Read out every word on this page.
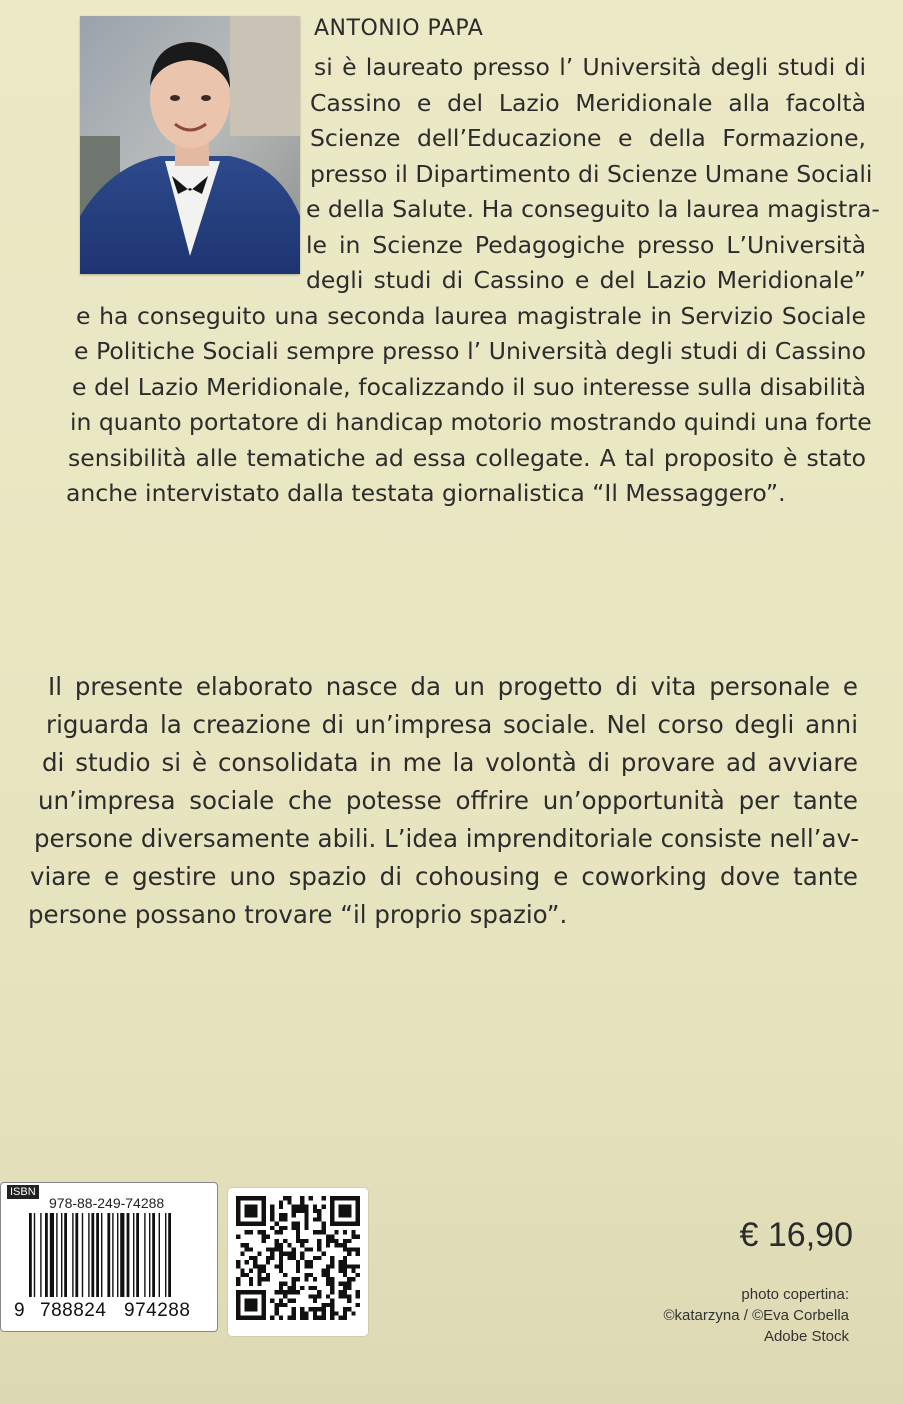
ANTONIO PAPA
si è laureato presso l’ Università degli studi di
Cassino e del Lazio Meridionale alla facoltà
Scienze dell’Educazione e della Formazione,
presso il Dipartimento di Scienze Umane Sociali
e della Salute. Ha conseguito la laurea magistra-
le in Scienze Pedagogiche presso L’Università
degli studi di Cassino e del Lazio Meridionale”
e ha conseguito una seconda laurea magistrale in Servizio Sociale
e Politiche Sociali sempre presso l’ Università degli studi di Cassino
e del Lazio Meridionale, focalizzando il suo interesse sulla disabilità
in quanto portatore di handicap motorio mostrando quindi una forte
sensibilità alle tematiche ad essa collegate. A tal proposito è stato
anche intervistato dalla testata giornalistica “Il Messaggero”.
Il presente elaborato nasce da un progetto di vita personale e
riguarda la creazione di un’impresa sociale. Nel corso degli anni
di studio si è consolidata in me la volontà di provare ad avviare
un’impresa sociale che potesse offrire un’opportunità per tante
persone diversamente abili. L’idea imprenditoriale consiste nell’av-
viare e gestire uno spazio di cohousing e coworking dove tante
persone possano trovare “il proprio spazio”.
ISBN
978-88-249-74288
9 788824 974288
€ 16,90
photo copertina:
©katarzyna / ©Eva Corbella
Adobe Stock
